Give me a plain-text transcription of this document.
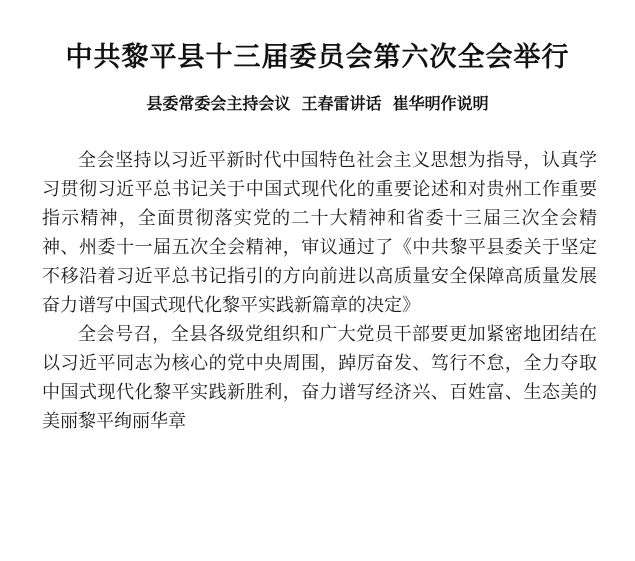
中共黎平县十三届委员会第六次全会举行
县委常委会主持会议  王春雷讲话  崔华明作说明

全会坚持以习近平新时代中国特色社会主义思想为指导，认真学习贯彻习近平总书记关于中国式现代化的重要论述和对贵州工作重要指示精神，全面贯彻落实党的二十大精神和省委十三届三次全会精神、州委十一届五次全会精神，审议通过了《中共黎平县委关于坚定不移沿着习近平总书记指引的方向前进以高质量安全保障高质量发展奋力谱写中国式现代化黎平实践新篇章的决定》

全会号召，全县各级党组织和广大党员干部要更加紧密地团结在以习近平同志为核心的党中央周围，踔厉奋发、笃行不怠，全力夺取中国式现代化黎平实践新胜利，奋力谱写经济兴、百姓富、生态美的美丽黎平绚丽华章
